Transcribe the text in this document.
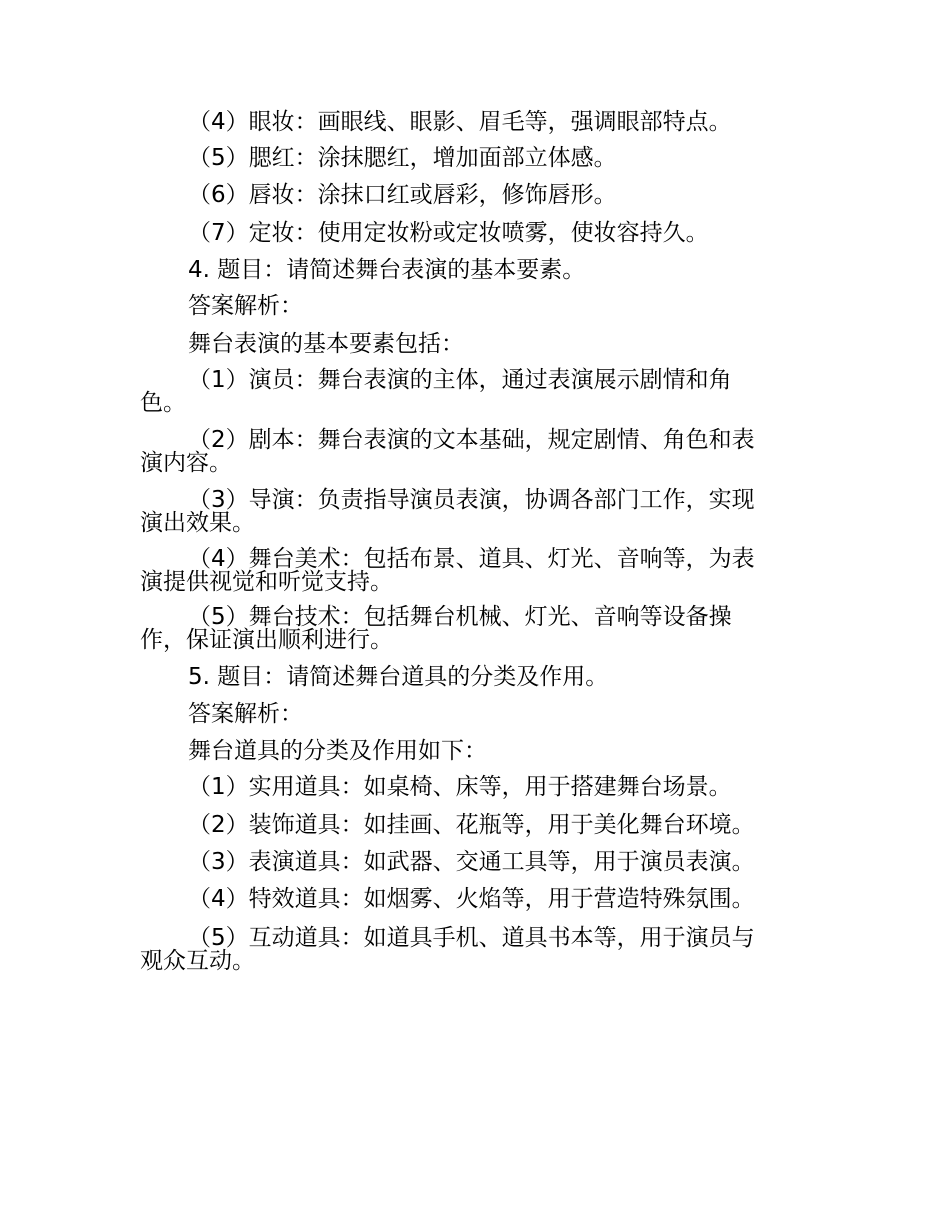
（4）眼妆：画眼线、眼影、眉毛等，强调眼部特点。
（5）腮红：涂抹腮红，增加面部立体感。
（6）唇妆：涂抹口红或唇彩，修饰唇形。
（7）定妆：使用定妆粉或定妆喷雾，使妆容持久。
4. 题目：请简述舞台表演的基本要素。
答案解析：
舞台表演的基本要素包括：
（1）演员：舞台表演的主体，通过表演展示剧情和角
色。
（2）剧本：舞台表演的文本基础，规定剧情、角色和表
演内容。
（3）导演：负责指导演员表演，协调各部门工作，实现
演出效果。
（4）舞台美术：包括布景、道具、灯光、音响等，为表
演提供视觉和听觉支持。
（5）舞台技术：包括舞台机械、灯光、音响等设备操
作，保证演出顺利进行。
5. 题目：请简述舞台道具的分类及作用。
答案解析：
舞台道具的分类及作用如下：
（1）实用道具：如桌椅、床等，用于搭建舞台场景。
（2）装饰道具：如挂画、花瓶等，用于美化舞台环境。
（3）表演道具：如武器、交通工具等，用于演员表演。
（4）特效道具：如烟雾、火焰等，用于营造特殊氛围。
（5）互动道具：如道具手机、道具书本等，用于演员与
观众互动。
